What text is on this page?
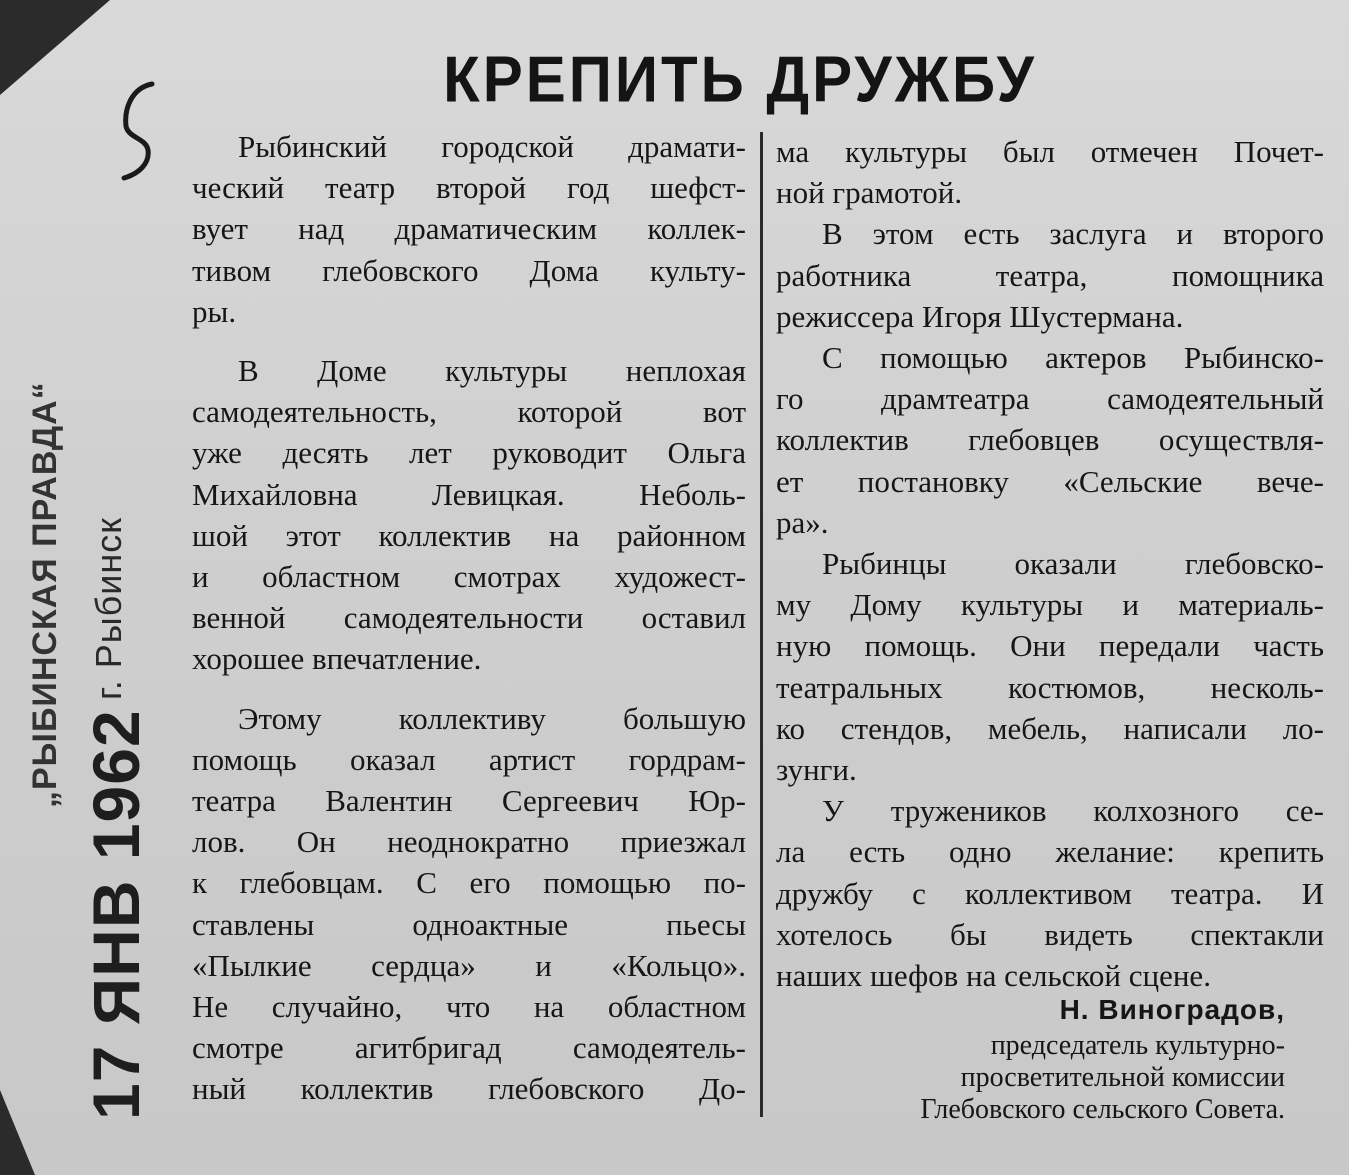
17 ЯНВ 1962
„РЫБИНСКАЯ ПРАВДА“ г. Рыбинск
КРЕПИТЬ ДРУЖБУ
Рыбинский городской драмати-
ческий театр второй год шефст-
вует над драматическим коллек-
тивом глебовского Дома культу-
ры.
В Доме культуры неплохая
самодеятельность, которой вот
уже десять лет руководит Ольга
Михайловна Левицкая. Неболь-
шой этот коллектив на районном
и областном смотрах художест-
венной самодеятельности оставил
хорошее впечатление.
Этому коллективу большую
помощь оказал артист гордрам-
театра Валентин Сергеевич Юр-
лов. Он неоднократно приезжал
к глебовцам. С его помощью по-
ставлены одноактные пьесы
«Пылкие сердца» и «Кольцо».
Не случайно, что на областном
смотре агитбригад самодеятель-
ный коллектив глебовского До-
ма культуры был отмечен Почет-
ной грамотой.
В этом есть заслуга и второго
работника театра, помощника
режиссера Игоря Шустермана.
С помощью актеров Рыбинско-
го драмтеатра самодеятельный
коллектив глебовцев осуществля-
ет постановку «Сельские вече-
ра».
Рыбинцы оказали глебовско-
му Дому культуры и материаль-
ную помощь. Они передали часть
театральных костюмов, несколь-
ко стендов, мебель, написали ло-
зунги.
У тружеников колхозного се-
ла есть одно желание: крепить
дружбу с коллективом театра. И
хотелось бы видеть спектакли
наших шефов на сельской сцене.
Н. Виноградов,
председатель культурно-
просветительной комиссии
Глебовского сельского Совета.
